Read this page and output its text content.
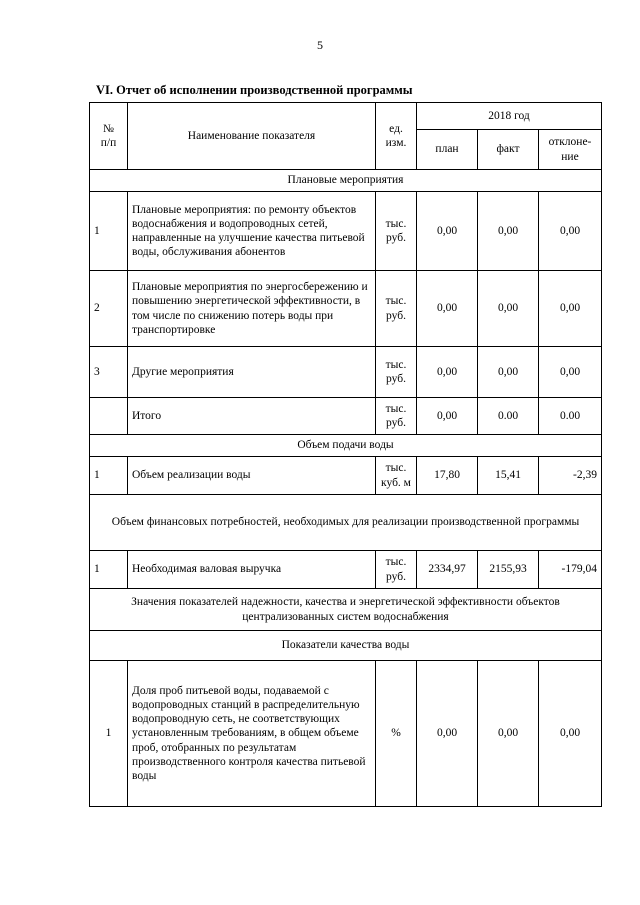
5
VI. Отчет об исполнении производственной программы
№
п/п	Наименование показателя	ед.
изм.	2018 год		
			план	факт	отклоне-
ние
Плановые мероприятия					
1	Плановые мероприятия: по ремонту объектов водоснабжения и водопроводных сетей, направленные на улучшение качества питьевой воды, обслуживания абонентов	тыс.
руб.	0,00	0,00	0,00
2	Плановые мероприятия по энергосбережению и повышению энергетической эффективности, в том числе по снижению потерь воды при транспортировке	тыс.
руб.	0,00	0,00	0,00
3	Другие мероприятия	тыс.
руб.	0,00	0,00	0,00
	Итого	тыс.
руб.	0,00	0.00	0.00
Объем подачи воды					
1	Объем реализации воды	тыс.
куб. м	17,80	15,41	-2,39
Объем финансовых потребностей, необходимых для реализации производственной программы					
1	Необходимая валовая выручка	тыс.
руб.	2334,97	2155,93	-179,04
Значения показателей надежности, качества и энергетической эффективности объектов централизованных систем водоснабжения					
Показатели качества воды					
1	Доля проб питьевой воды, подаваемой с водопроводных станций в распределительную водопроводную сеть, не соответствующих установленным требованиям, в общем объеме проб, отобранных по результатам производственного контроля качества питьевой воды	%	0,00	0,00	0,00
